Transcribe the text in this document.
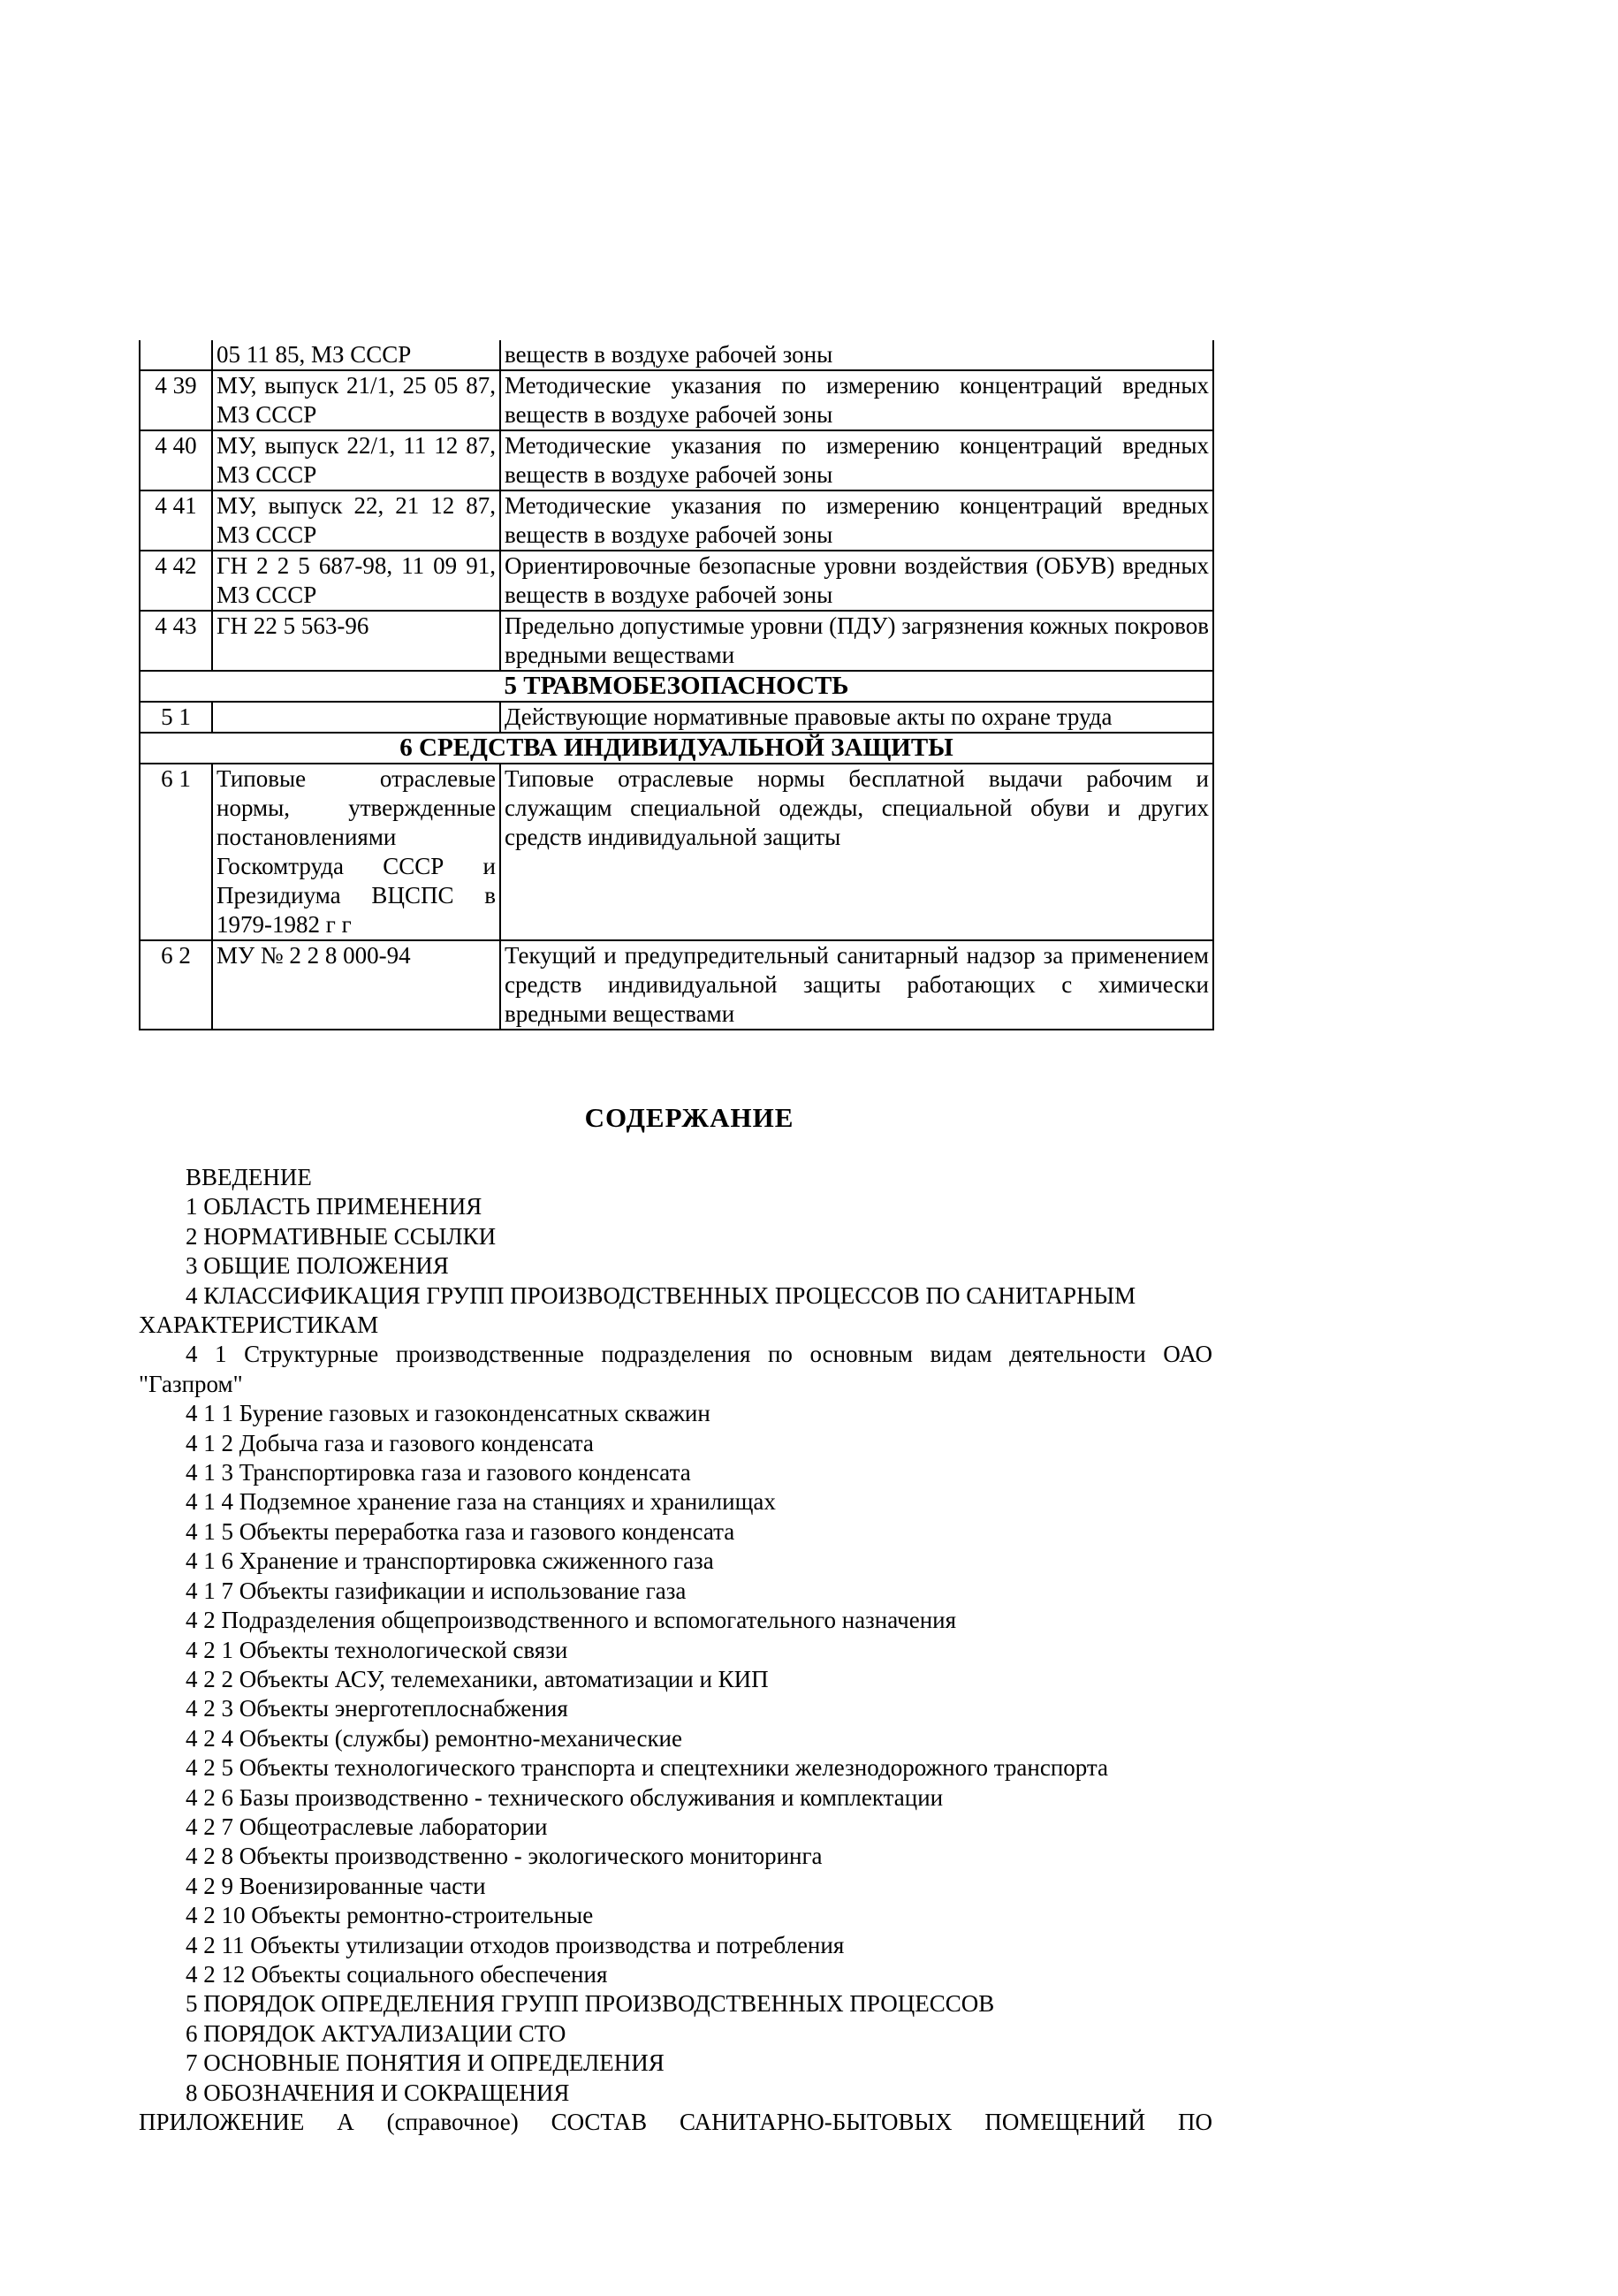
	05 11 85, МЗ СССР	веществ в воздухе рабочей зоны
4 39	МУ, выпуск 21/1, 25 05 87, МЗ СССР	Методические указания по измерению концентраций вредных веществ в воздухе рабочей зоны
4 40	МУ, выпуск 22/1, 11 12 87, МЗ СССР	Методические указания по измерению концентраций вредных веществ в воздухе рабочей зоны
4 41	МУ, выпуск 22, 21 12 87, МЗ СССР	Методические указания по измерению концентраций вредных веществ в воздухе рабочей зоны
4 42	ГН 2 2 5 687-98, 11 09 91, МЗ СССР	Ориентировочные безопасные уровни воздействия (ОБУВ) вредных веществ в воздухе рабочей зоны
4 43	ГН 22 5 563-96	Предельно допустимые уровни (ПДУ) загрязнения кожных покровов вредными веществами
5 ТРАВМОБЕЗОПАСНОСТЬ		
5 1		Действующие нормативные правовые акты по охране труда
6 СРЕДСТВА ИНДИВИДУАЛЬНОЙ ЗАЩИТЫ		
6 1	Типовые отраслевые нормы, утвержденные постановлениями Госкомтруда СССР и Президиума ВЦСПС в 1979-1982 г г	Типовые отраслевые нормы бесплатной выдачи рабочим и служащим специальной одежды, специальной обуви и других средств индивидуальной защиты
6 2	МУ № 2 2 8 000-94	Текущий и предупредительный санитарный надзор за применением средств индивидуальной защиты работающих с химически вредными веществами
СОДЕРЖАНИЕ
ВВЕДЕНИЕ
1 ОБЛАСТЬ ПРИМЕНЕНИЯ
2 НОРМАТИВНЫЕ ССЫЛКИ
3 ОБЩИЕ ПОЛОЖЕНИЯ
4 КЛАССИФИКАЦИЯ ГРУПП ПРОИЗВОДСТВЕННЫХ ПРОЦЕССОВ ПО САНИТАРНЫМ
ХАРАКТЕРИСТИКАМ
4 1 Структурные производственные подразделения по основным видам деятельности ОАО
"Газпром"
4 1 1 Бурение газовых и газоконденсатных скважин
4 1 2 Добыча газа и газового конденсата
4 1 3 Транспортировка газа и газового конденсата
4 1 4 Подземное хранение газа на станциях и хранилищах
4 1 5 Объекты переработка газа и газового конденсата
4 1 6 Хранение и транспортировка сжиженного газа
4 1 7 Объекты газификации и использование газа
4 2 Подразделения общепроизводственного и вспомогательного назначения
4 2 1 Объекты технологической связи
4 2 2 Объекты АСУ, телемеханики, автоматизации и КИП
4 2 3 Объекты энерготеплоснабжения
4 2 4 Объекты (службы) ремонтно-механические
4 2 5 Объекты технологического транспорта и спецтехники железнодорожного транспорта
4 2 6 Базы производственно - технического обслуживания и комплектации
4 2 7 Общеотраслевые лаборатории
4 2 8 Объекты производственно - экологического мониторинга
4 2 9 Военизированные части
4 2 10 Объекты ремонтно-строительные
4 2 11 Объекты утилизации отходов производства и потребления
4 2 12 Объекты социального обеспечения
5 ПОРЯДОК ОПРЕДЕЛЕНИЯ ГРУПП ПРОИЗВОДСТВЕННЫХ ПРОЦЕССОВ
6 ПОРЯДОК АКТУАЛИЗАЦИИ СТО
7 ОСНОВНЫЕ ПОНЯТИЯ И ОПРЕДЕЛЕНИЯ
8 ОБОЗНАЧЕНИЯ И СОКРАЩЕНИЯ
ПРИЛОЖЕНИЕ А (справочное) СОСТАВ САНИТАРНО-БЫТОВЫХ ПОМЕЩЕНИЙ ПО
